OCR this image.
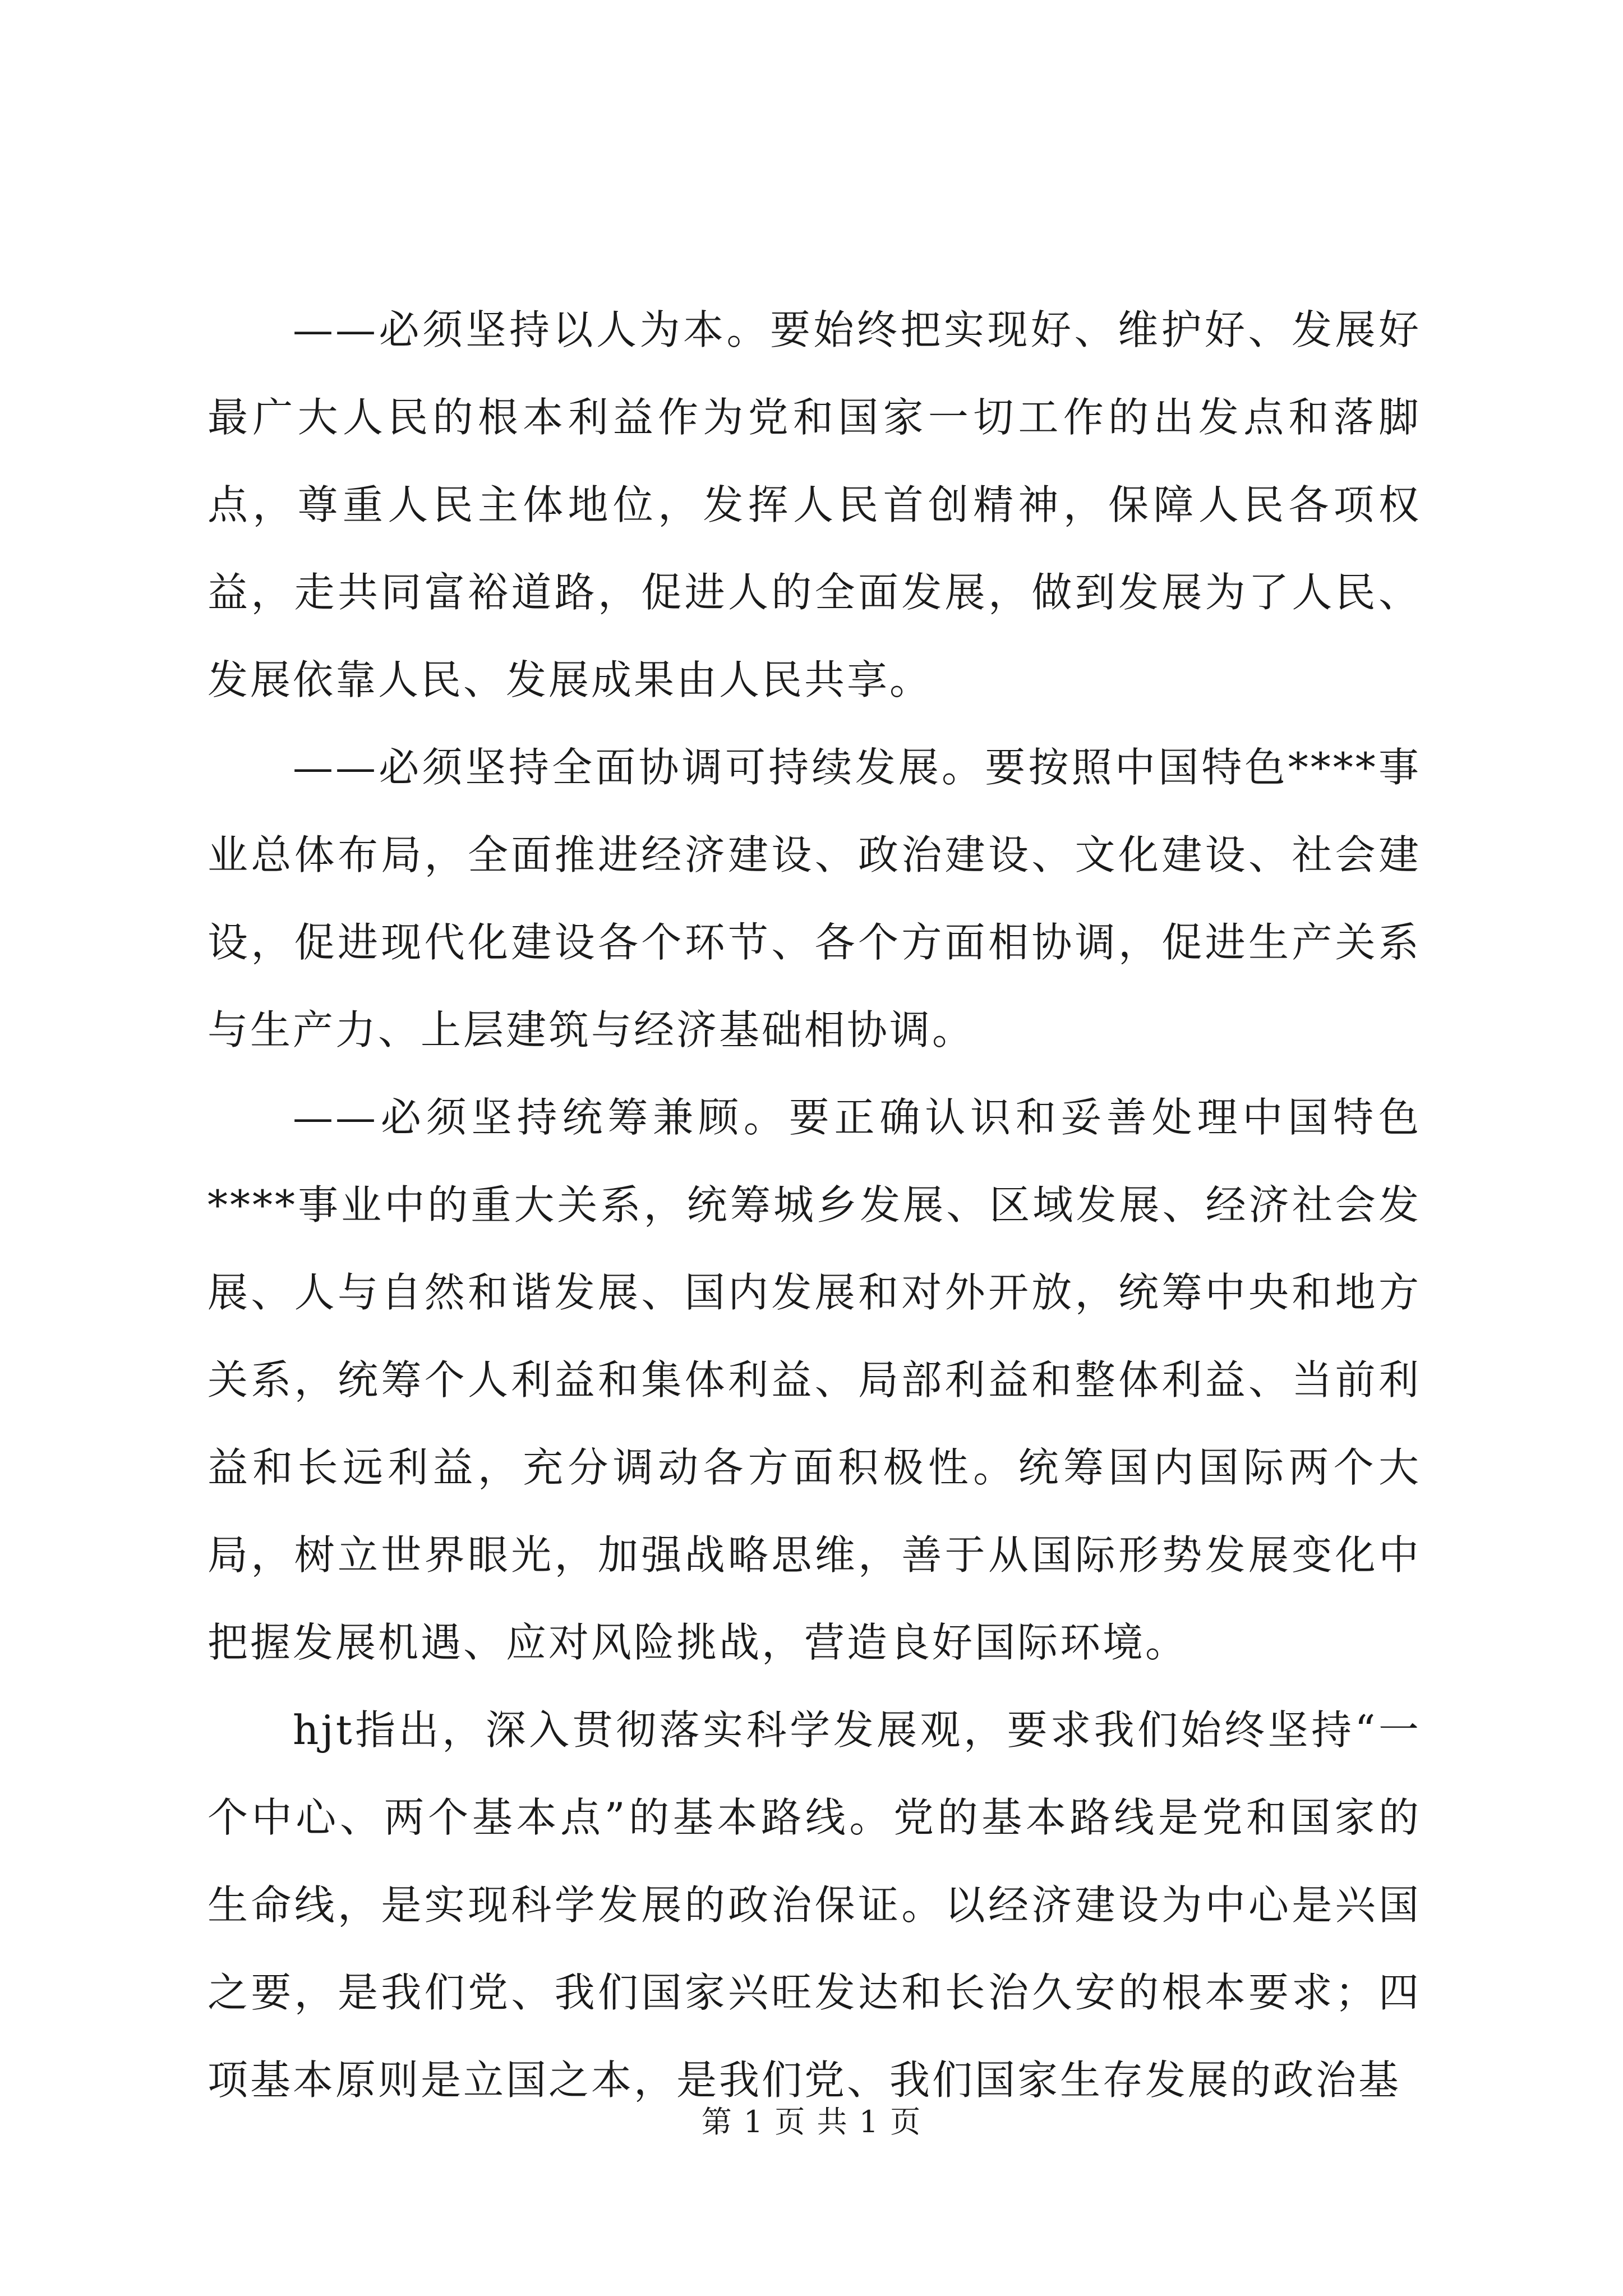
——必须坚持以人为本。要始终把实现好、维护好、发展好最广大人民的根本利益作为党和国家一切工作的出发点和落脚点，尊重人民主体地位，发挥人民首创精神，保障人民各项权益，走共同富裕道路，促进人的全面发展，做到发展为了人民、发展依靠人民、发展成果由人民共享。

——必须坚持全面协调可持续发展。要按照中国特色****事业总体布局，全面推进经济建设、政治建设、文化建设、社会建设，促进现代化建设各个环节、各个方面相协调，促进生产关系与生产力、上层建筑与经济基础相协调。

——必须坚持统筹兼顾。要正确认识和妥善处理中国特色****事业中的重大关系，统筹城乡发展、区域发展、经济社会发展、人与自然和谐发展、国内发展和对外开放，统筹中央和地方关系，统筹个人利益和集体利益、局部利益和整体利益、当前利益和长远利益，充分调动各方面积极性。统筹国内国际两个大局，树立世界眼光，加强战略思维，善于从国际形势发展变化中把握发展机遇、应对风险挑战，营造良好国际环境。

hjt指出，深入贯彻落实科学发展观，要求我们始终坚持“一个中心、两个基本点”的基本路线。党的基本路线是党和国家的生命线，是实现科学发展的政治保证。以经济建设为中心是兴国之要，是我们党、我们国家兴旺发达和长治久安的根本要求；四项基本原则是立国之本，是我们党、我们国家生存发展的政治基

第 1 页 共 1 页
